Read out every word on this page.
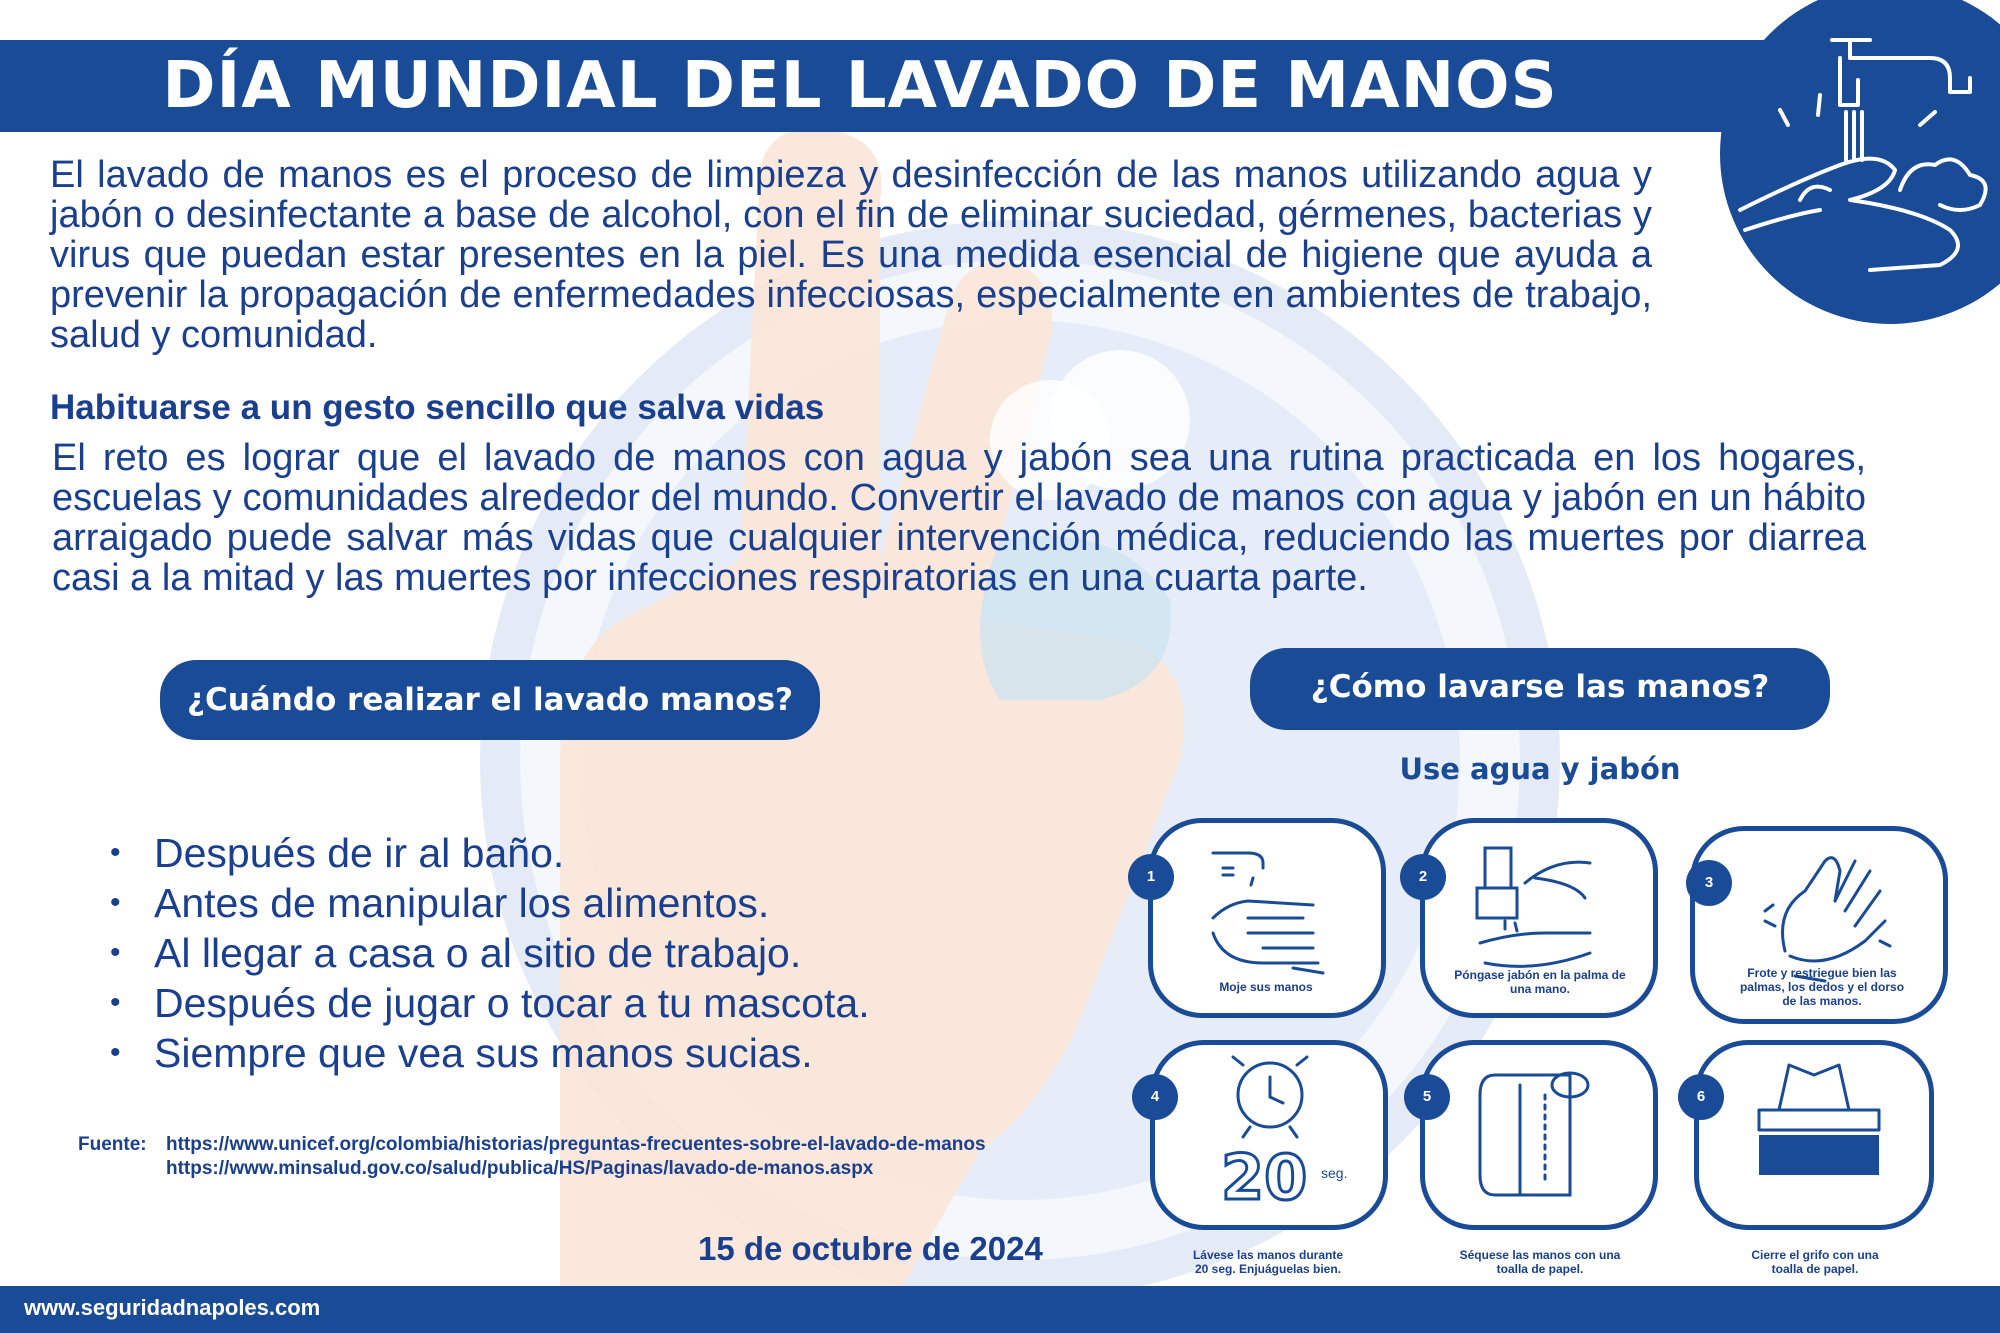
DÍA MUNDIAL DEL LAVADO DE MANOS
El lavado de manos es el proceso de limpieza y desinfección de las manos utilizando agua y jabón o desinfectante a base de alcohol, con el fin de eliminar suciedad, gérmenes, bacterias y virus que puedan estar presentes en la piel. Es una medida esencial de higiene que ayuda a prevenir la propagación de enfermedades infecciosas, especialmente en ambientes de trabajo, salud y comunidad.
Habituarse a un gesto sencillo que salva vidas
El reto es lograr que el lavado de manos con agua y jabón sea una rutina practicada en los hogares, escuelas y comunidades alrededor del mundo. Convertir el lavado de manos con agua y jabón en un hábito arraigado puede salvar más vidas que cualquier intervención médica, reduciendo las muertes por diarrea casi a la mitad y las muertes por infecciones respiratorias en una cuarta parte.
¿Cuándo realizar el lavado manos?	¿Cómo lavarse las manos?
Use agua y jabón
• Después de ir al baño.
• Antes de manipular los alimentos.
• Al llegar a casa o al sitio de trabajo.
• Después de jugar o tocar a tu mascota.
• Siempre que vea sus manos sucias.
1
Moje sus manos
2
Póngase jabón en la palma de una mano.
3
Frote y restriegue bien las palmas, los dedos y el dorso de las manos.
20 seg.
4
Lávese las manos durante 20 seg. Enjuáguelas bien.
5
Séquese las manos con una toalla de papel.
6
Cierre el grifo con una toalla de papel.
Fuente: https://www.unicef.org/colombia/historias/preguntas-frecuentes-sobre-el-lavado-de-manos
https://www.minsalud.gov.co/salud/publica/HS/Paginas/lavado-de-manos.aspx
15 de octubre de 2024
www.seguridadnapoles.com
